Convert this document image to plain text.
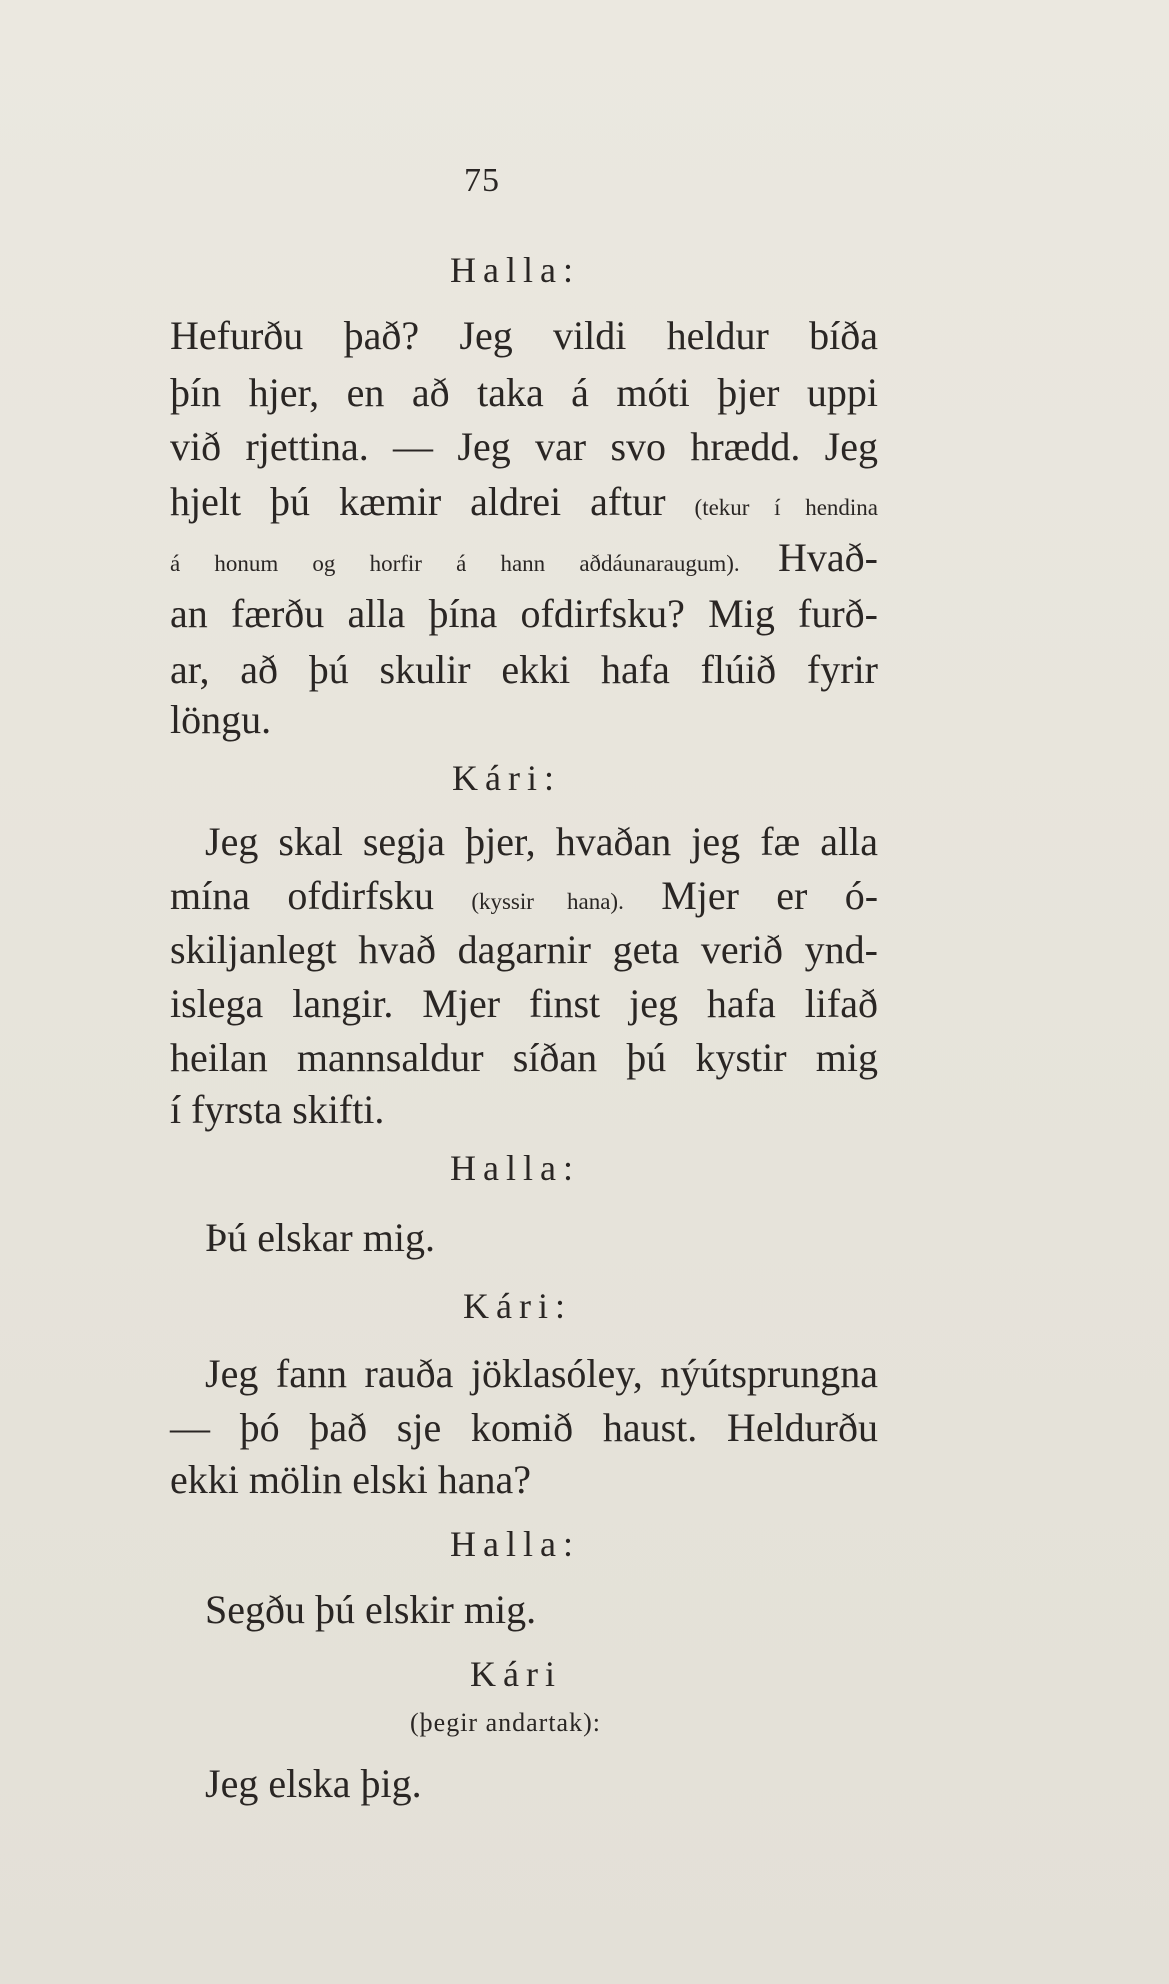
75
Halla:
Hefurðu það? Jeg vildi heldur bíða
þín hjer, en að taka á móti þjer uppi
við rjettina. — Jeg var svo hrædd. Jeg
hjelt þú kæmir aldrei aftur (tekur í hendina
á honum og horfir á hann aðdáunaraugum). Hvað-
an færðu alla þína ofdirfsku? Mig furð-
ar, að þú skulir ekki hafa flúið fyrir
löngu.
Kári:
Jeg skal segja þjer, hvaðan jeg fæ alla
mína ofdirfsku (kyssir hana). Mjer er ó-
skiljanlegt hvað dagarnir geta verið ynd-
islega langir. Mjer finst jeg hafa lifað
heilan mannsaldur síðan þú kystir mig
í fyrsta skifti.
Halla:
Þú elskar mig.
Kári:
Jeg fann rauða jöklasóley, nýútsprungna
— þó það sje komið haust. Heldurðu
ekki mölin elski hana?
Halla:
Segðu þú elskir mig.
Kári
(þegir andartak):
Jeg elska þig.
